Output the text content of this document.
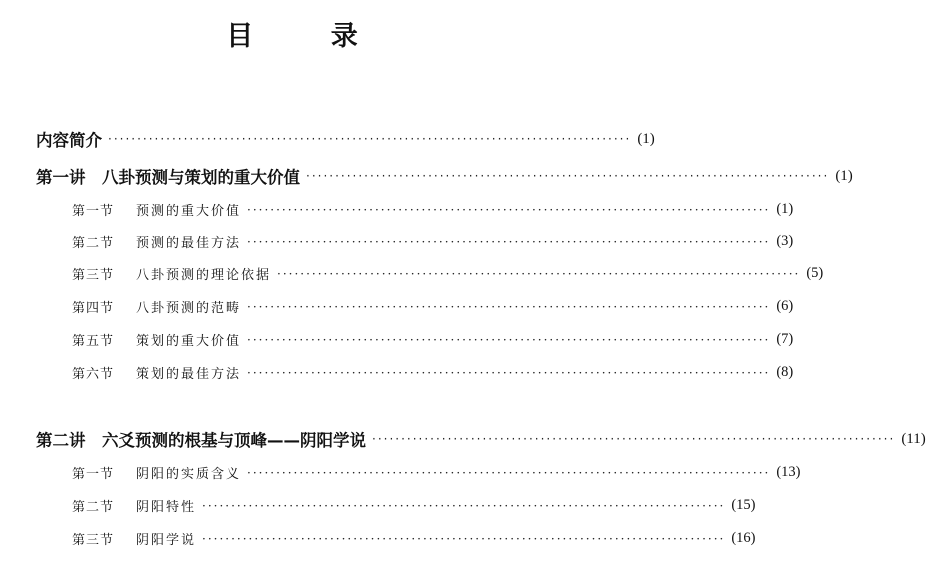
目 录
内容简介 ·························································································· (1)
第一讲　八卦预测与策划的重大价值 ·························································································· (1)
第一节 预测的重大价值 ·························································································· (1)
第二节 预测的最佳方法 ·························································································· (3)
第三节 八卦预测的理论依据 ·························································································· (5)
第四节 八卦预测的范畴 ·························································································· (6)
第五节 策划的重大价值 ·························································································· (7)
第六节 策划的最佳方法 ·························································································· (8)
第二讲　六爻预测的根基与顶峰——阴阳学说 ·························································································· (11)
第一节 阴阳的实质含义 ·························································································· (13)
第二节 阴阳特性 ·························································································· (15)
第三节 阴阳学说 ·························································································· (16)
